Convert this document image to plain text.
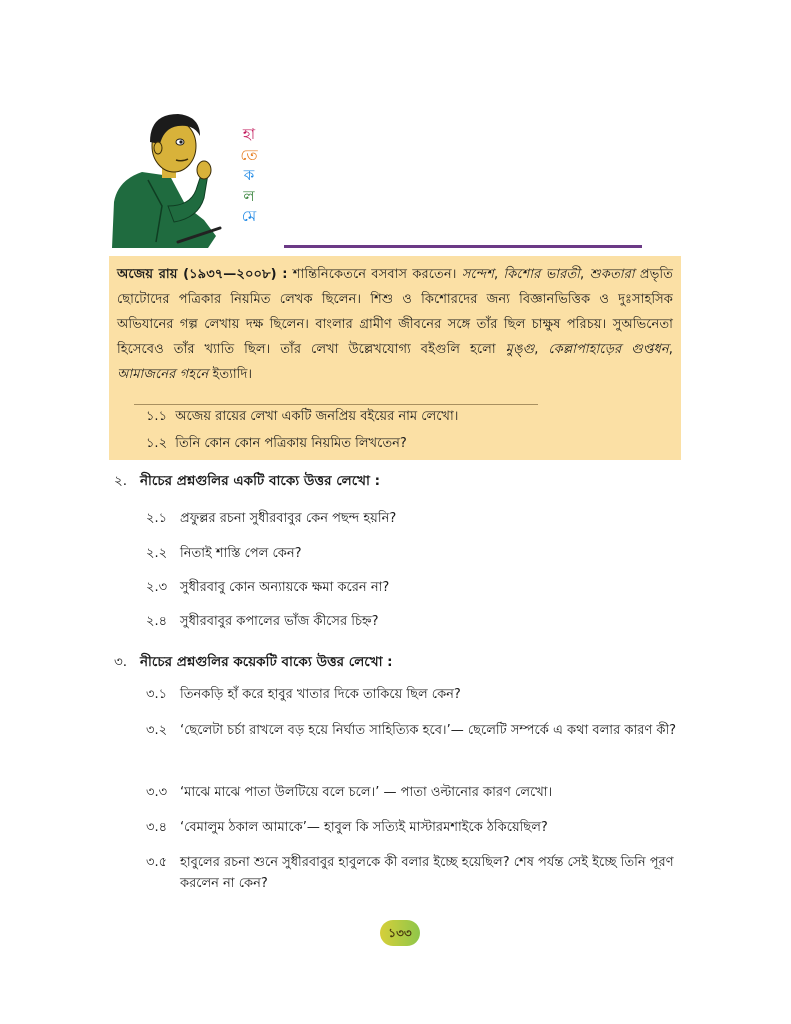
হা
তে
ক
ল
মে

অজেয় রায় (১৯৩৭—২০০৮) : শান্তিনিকেতনে বসবাস করতেন। সন্দেশ, কিশোর ভারতী, শুকতারা প্রভৃতি ছোটোদের পত্রিকার নিয়মিত লেখক ছিলেন। শিশু ও কিশোরদের জন্য বিজ্ঞানভিত্তিক ও দুঃসাহসিক অভিযানের গল্প লেখায় দক্ষ ছিলেন। বাংলার গ্রামীণ জীবনের সঙ্গে তাঁর ছিল চাক্ষুষ পরিচয়। সুঅভিনেতা হিসেবেও তাঁর খ্যাতি ছিল। তাঁর লেখা উল্লেখযোগ্য বইগুলি হলো মুঙ্গু, কেল্লাপাহাড়ের গুপ্তধন, আমাজনের গহনে ইত্যাদি।

১.১ অজেয় রায়ের লেখা একটি জনপ্রিয় বইয়ের নাম লেখো।
১.২ তিনি কোন কোন পত্রিকায় নিয়মিত লিখতেন?
২. নীচের প্রশ্নগুলির একটি বাক্যে উত্তর লেখো :
২.১ প্রফুল্লর রচনা সুধীরবাবুর কেন পছন্দ হয়নি?
২.২ নিতাই শাস্তি পেল কেন?
২.৩ সুধীরবাবু কোন অন্যায়কে ক্ষমা করেন না?
২.৪ সুধীরবাবুর কপালের ভাঁজ কীসের চিহ্ন?
৩. নীচের প্রশ্নগুলির কয়েকটি বাক্যে উত্তর লেখো :
৩.১ তিনকড়ি হাঁ করে হাবুর খাতার দিকে তাকিয়ে ছিল কেন?
৩.২ ‘ছেলেটা চর্চা রাখলে বড় হয়ে নির্ঘাত সাহিত্যিক হবে।’— ছেলেটি সম্পর্কে এ কথা বলার কারণ কী?
৩.৩ ‘মাঝে মাঝে পাতা উলটিয়ে বলে চলে।’ — পাতা ওল্টানোর কারণ লেখো।
৩.৪ ‘বেমালুম ঠকাল আমাকে’— হাবুল কি সত্যিই মাস্টারমশাইকে ঠকিয়েছিল?
৩.৫ হাবুলের রচনা শুনে সুধীরবাবুর হাবুলকে কী বলার ইচ্ছে হয়েছিল? শেষ পর্যন্ত সেই ইচ্ছে তিনি পূরণ করলেন না কেন?
১৩৩
